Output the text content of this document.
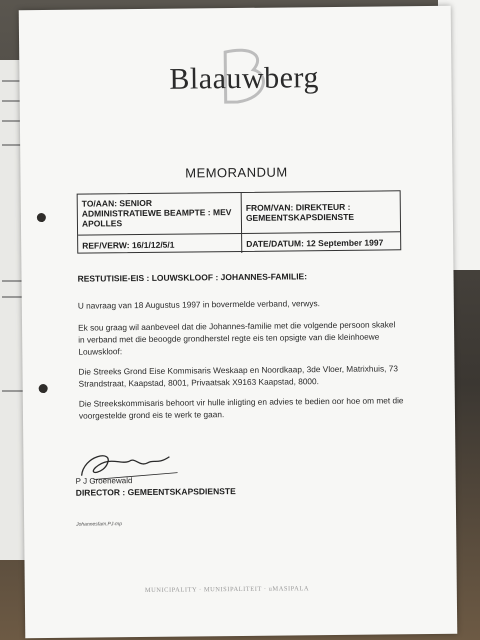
Blaauwberg
MEMORANDUM
TO/AAN: SENIOR
ADMINISTRATIEWE BEAMPTE : MEV
APOLLES
FROM/VAN: DIREKTEUR :
GEMEENTSKAPSDIENSTE
REF/VERW: 16/1/12/5/1	DATE/DATUM: 12 September 1997
RESTUTISIE-EIS : LOUWSKLOOF : JOHANNES-FAMILIE:
U navraag van 18 Augustus 1997 in bovermelde verband, verwys.
Ek sou graag wil aanbeveel dat die Johannes-familie met die volgende persoon skakel in verband met die beoogde grondherstel regte eis ten opsigte van die kleinhoewe Louwskloof:
Die Streeks Grond Eise Kommisaris Weskaap en Noordkaap, 3de Vloer, Matrixhuis, 73 Strandstraat, Kaapstad, 8001, Privaatsak X9163 Kaapstad, 8000.
Die Streekskommisaris behoort vir hulle inligting en advies te bedien oor hoe om met die voorgestelde grond eis te werk te gaan.
P J Groenewald
DIRECTOR : GEMEENTSKAPSDIENSTE
Johannesfam.PJ-mp
MUNICIPALITY · MUNISIPALITEIT · uMASIPALA
